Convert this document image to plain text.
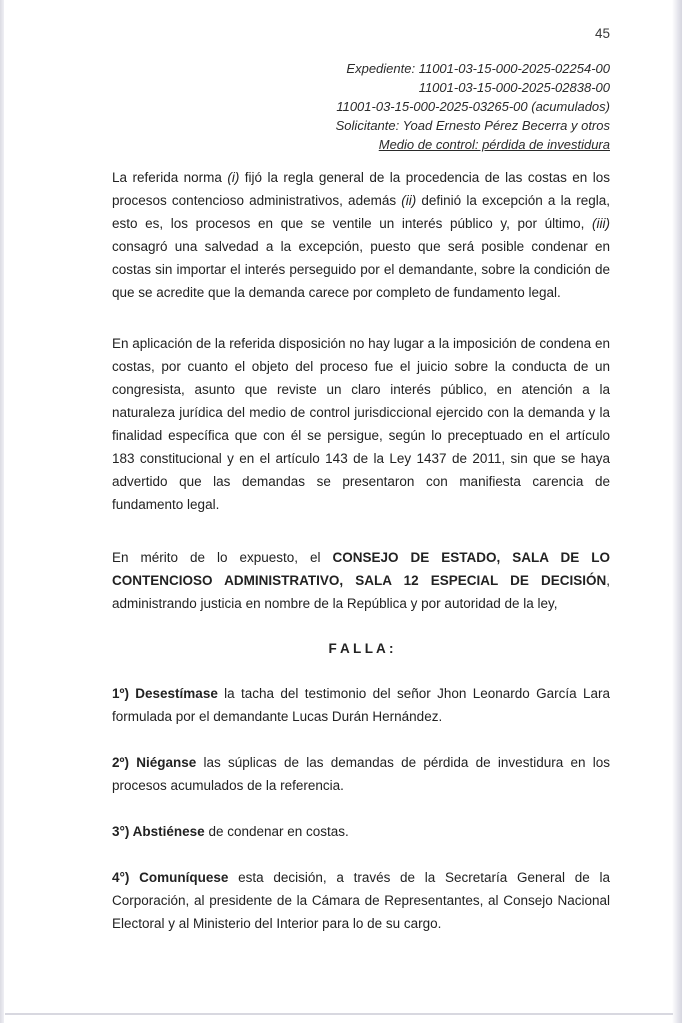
45
Expediente: 11001-03-15-000-2025-02254-00
11001-03-15-000-2025-02838-00
11001-03-15-000-2025-03265-00 (acumulados)
Solicitante: Yoad Ernesto Pérez Becerra y otros
Medio de control: pérdida de investidura

La referida norma (i) fijó la regla general de la procedencia de las costas en los procesos contencioso administrativos, además (ii) definió la excepción a la regla, esto es, los procesos en que se ventile un interés público y, por último, (iii) consagró una salvedad a la excepción, puesto que será posible condenar en costas sin importar el interés perseguido por el demandante, sobre la condición de que se acredite que la demanda carece por completo de fundamento legal.

En aplicación de la referida disposición no hay lugar a la imposición de condena en costas, por cuanto el objeto del proceso fue el juicio sobre la conducta de un congresista, asunto que reviste un claro interés público, en atención a la naturaleza jurídica del medio de control jurisdiccional ejercido con la demanda y la finalidad específica que con él se persigue, según lo preceptuado en el artículo 183 constitucional y en el artículo 143 de la Ley 1437 de 2011, sin que se haya advertido que las demandas se presentaron con manifiesta carencia de fundamento legal.

En mérito de lo expuesto, el CONSEJO DE ESTADO, SALA DE LO CONTENCIOSO ADMINISTRATIVO, SALA 12 ESPECIAL DE DECISIÓN, administrando justicia en nombre de la República y por autoridad de la ley,

F A L L A :

1º) Desestímase la tacha del testimonio del señor Jhon Leonardo García Lara formulada por el demandante Lucas Durán Hernández.

2º) Niéganse las súplicas de las demandas de pérdida de investidura en los procesos acumulados de la referencia.

3°) Abstiénese de condenar en costas.

4°) Comuníquese esta decisión, a través de la Secretaría General de la Corporación, al presidente de la Cámara de Representantes, al Consejo Nacional Electoral y al Ministerio del Interior para lo de su cargo.
